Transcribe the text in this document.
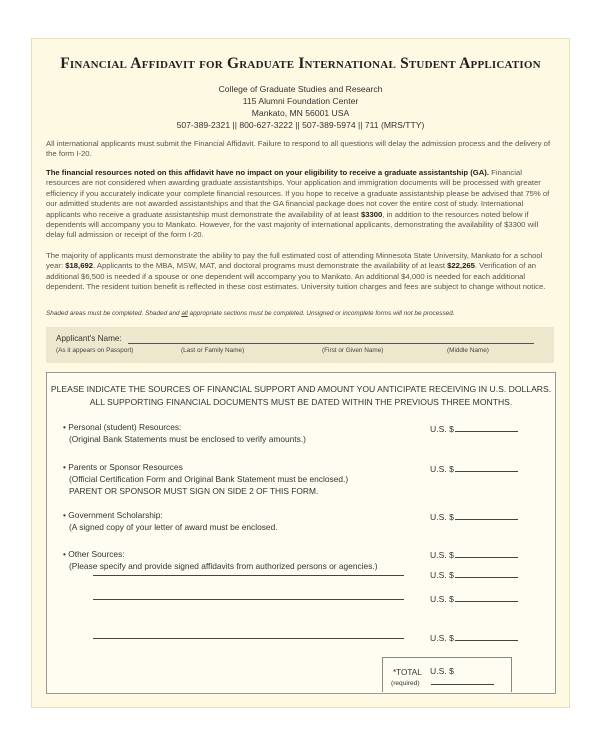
Financial Affidavit for Graduate International Student Application
College of Graduate Studies and Research
115 Alumni Foundation Center
Mankato, MN 56001 USA
507-389-2321 || 800-627-3222 || 507-389-5974 || 711 (MRS/TTY)

All international applicants must submit the Financial Affidavit. Failure to respond to all questions will delay the admission process and the delivery of the form I-20.

The financial resources noted on this affidavit have no impact on your eligibility to receive a graduate assistantship (GA). Financial resources are not considered when awarding graduate assistantships. Your application and immigration documents will be processed with greater efficiency if you accurately indicate your complete financial resources. If you hope to receive a graduate assistantship please be advised that 75% of our admitted students are not awarded assistantships and that the GA financial package does not cover the entire cost of study. International applicants who receive a graduate assistantship must demonstrate the availability of at least $3300, in addition to the resources noted below if dependents will accompany you to Mankato. However, for the vast majority of international applicants, demonstrating the availability of $3300 will delay full admission or receipt of the form I-20.

The majority of applicants must demonstrate the ability to pay the full estimated cost of attending Minnesota State University, Mankato for a school year: $18,692. Applicants to the MBA, MSW, MAT, and doctoral programs must demonstrate the availability of at least $22,265. Verification of an additional $6,500 is needed if a spouse or one dependent will accompany you to Mankato. An additional $4,000 is needed for each additional dependent. The resident tuition benefit is reflected in these cost estimates. University tuition charges and fees are subject to change without notice.

Shaded areas must be completed. Shaded and all appropriate sections must be completed. Unsigned or incomplete forms will not be processed.
Applicant's Name:
(As it appears on Passport)	(Last or Family Name)	(First or Given Name)	(Middle Name)
PLEASE INDICATE THE SOURCES OF FINANCIAL SUPPORT AND AMOUNT YOU ANTICIPATE RECEIVING IN U.S. DOLLARS.
ALL SUPPORTING FINANCIAL DOCUMENTS MUST BE DATED WITHIN THE PREVIOUS THREE MONTHS.
• Personal (student) Resources:
(Original Bank Statements must be enclosed to verify amounts.)
U.S. $
• Parents or Sponsor Resources
(Official Certification Form and Original Bank Statement must be enclosed.)
PARENT OR SPONSOR MUST SIGN ON SIDE 2 OF THIS FORM.
U.S. $
• Government Scholarship:
(A signed copy of your letter of award must be enclosed.
U.S. $
• Other Sources:
(Please specify and provide signed affidavits from authorized persons or agencies.)
U.S. $
U.S. $
U.S. $
U.S. $
*TOTAL
(required)
U.S. $
